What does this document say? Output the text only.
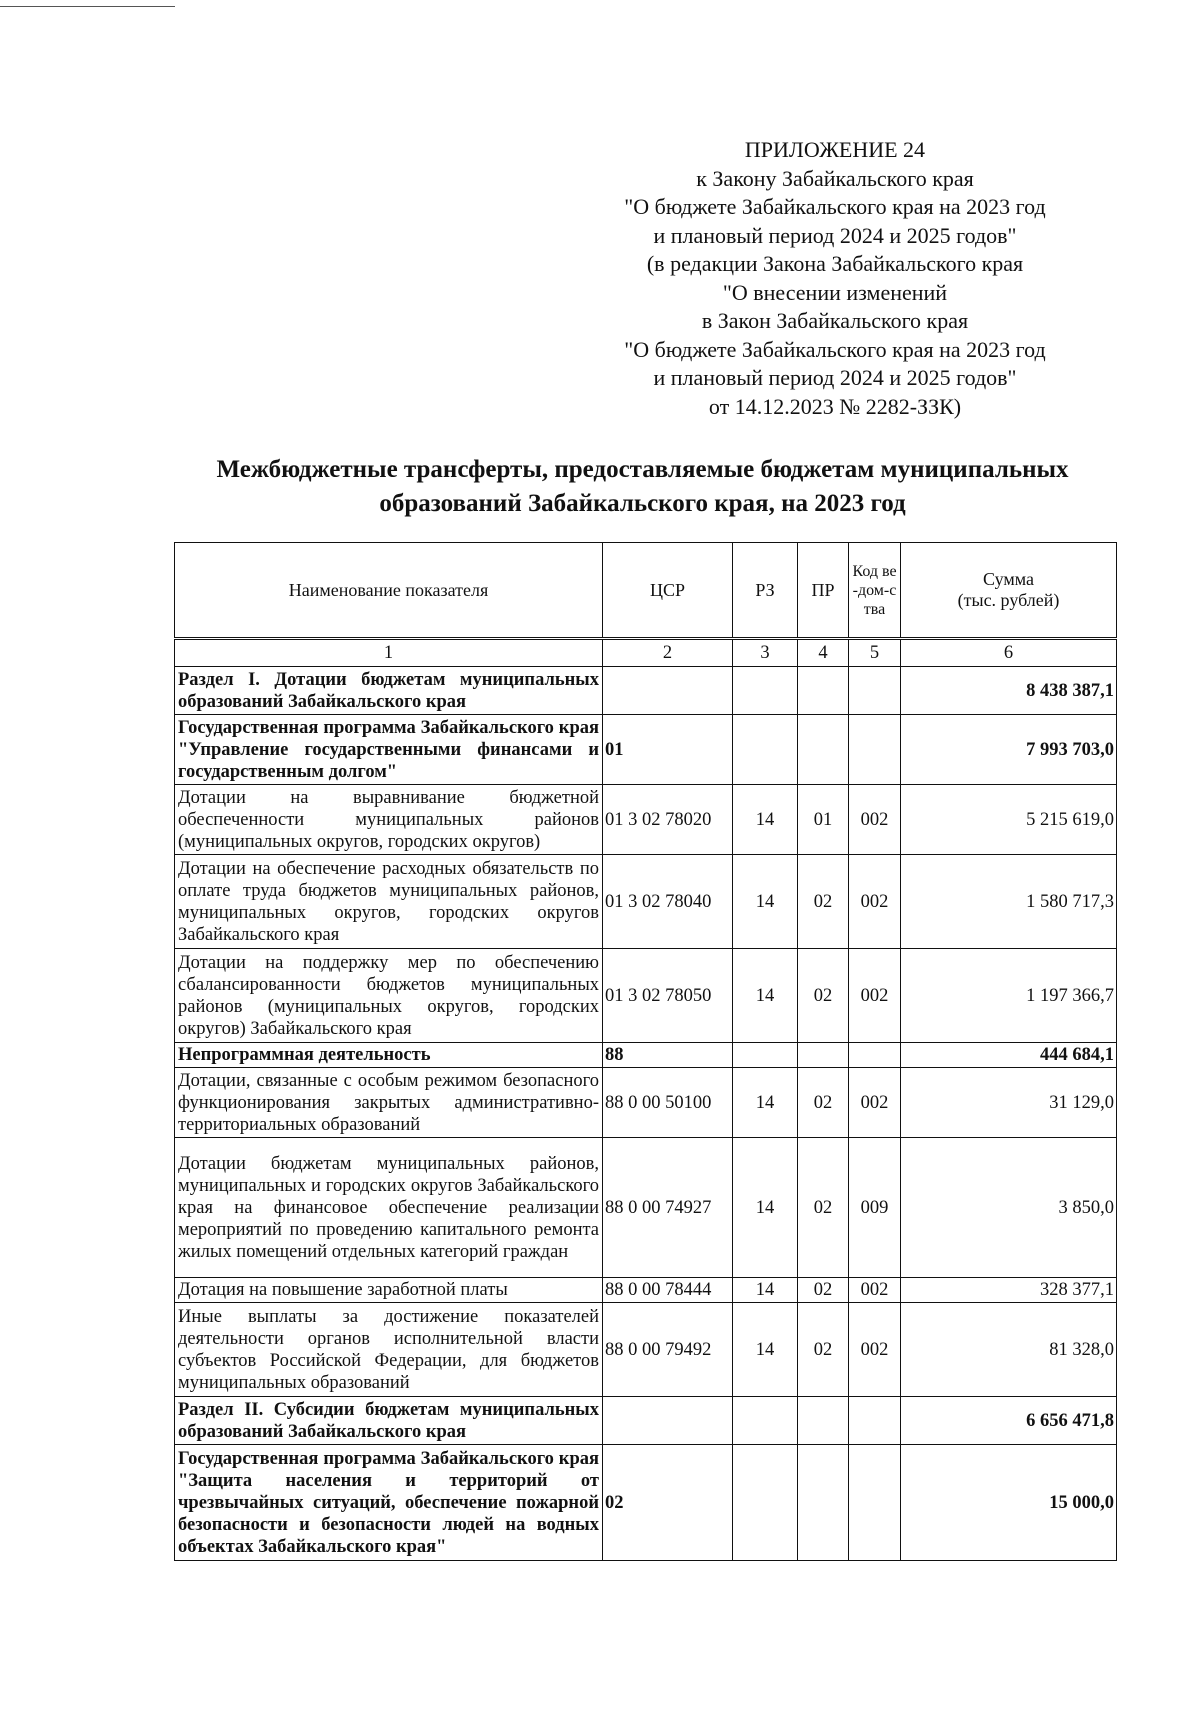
ПРИЛОЖЕНИЕ 24
к Закону Забайкальского края
"О бюджете Забайкальского края на 2023 год
и плановый период 2024 и 2025 годов"
(в редакции Закона Забайкальского края
"О внесении изменений
в Закон Забайкальского края
"О бюджете Забайкальского края на 2023 год
и плановый период 2024 и 2025 годов"
от 14.12.2023 № 2282-ЗЗК)
Межбюджетные трансферты, предоставляемые бюджетам муниципальных
образований Забайкальского края, на 2023 год
Наименование показателя	ЦСР	РЗ	ПР	Код ве-дом-ства	Сумма
(тыс. рублей)

1	2	3	4	5	6
Раздел I. Дотации бюджетам муниципальных образований Забайкальского края					8 438 387,1
Государственная программа Забайкальского края "Управление государственными финансами и государственным долгом"	01				7 993 703,0
Дотации на выравнивание бюджетной обеспеченности муниципальных районов (муниципальных округов, городских округов)	01 3 02 78020	14	01	002	5 215 619,0
Дотации на обеспечение расходных обязательств по оплате труда бюджетов муниципальных районов, муниципальных округов, городских округов Забайкальского края	01 3 02 78040	14	02	002	1 580 717,3
Дотации на поддержку мер по обеспечению сбалансированности бюджетов муниципальных районов (муниципальных округов, городских округов) Забайкальского края	01 3 02 78050	14	02	002	1 197 366,7
Непрограммная деятельность	88				444 684,1
Дотации, связанные с особым режимом безопасного функционирования закрытых административно-территориальных образований	88 0 00 50100	14	02	002	31 129,0
Дотации бюджетам муниципальных районов, муниципальных и городских округов Забайкальского края на финансовое обеспечение реализации мероприятий по проведению капитального ремонта жилых помещений отдельных категорий граждан	88 0 00 74927	14	02	009	3 850,0
Дотация на повышение заработной платы	88 0 00 78444	14	02	002	328 377,1
Иные выплаты за достижение показателей деятельности органов исполнительной власти субъектов Российской Федерации, для бюджетов муниципальных образований	88 0 00 79492	14	02	002	81 328,0
Раздел II. Субсидии бюджетам муниципальных образований Забайкальского края					6 656 471,8
Государственная программа Забайкальского края "Защита населения и территорий от чрезвычайных ситуаций, обеспечение пожарной безопасности и безопасности людей на водных объектах Забайкальского края"	02				15 000,0
